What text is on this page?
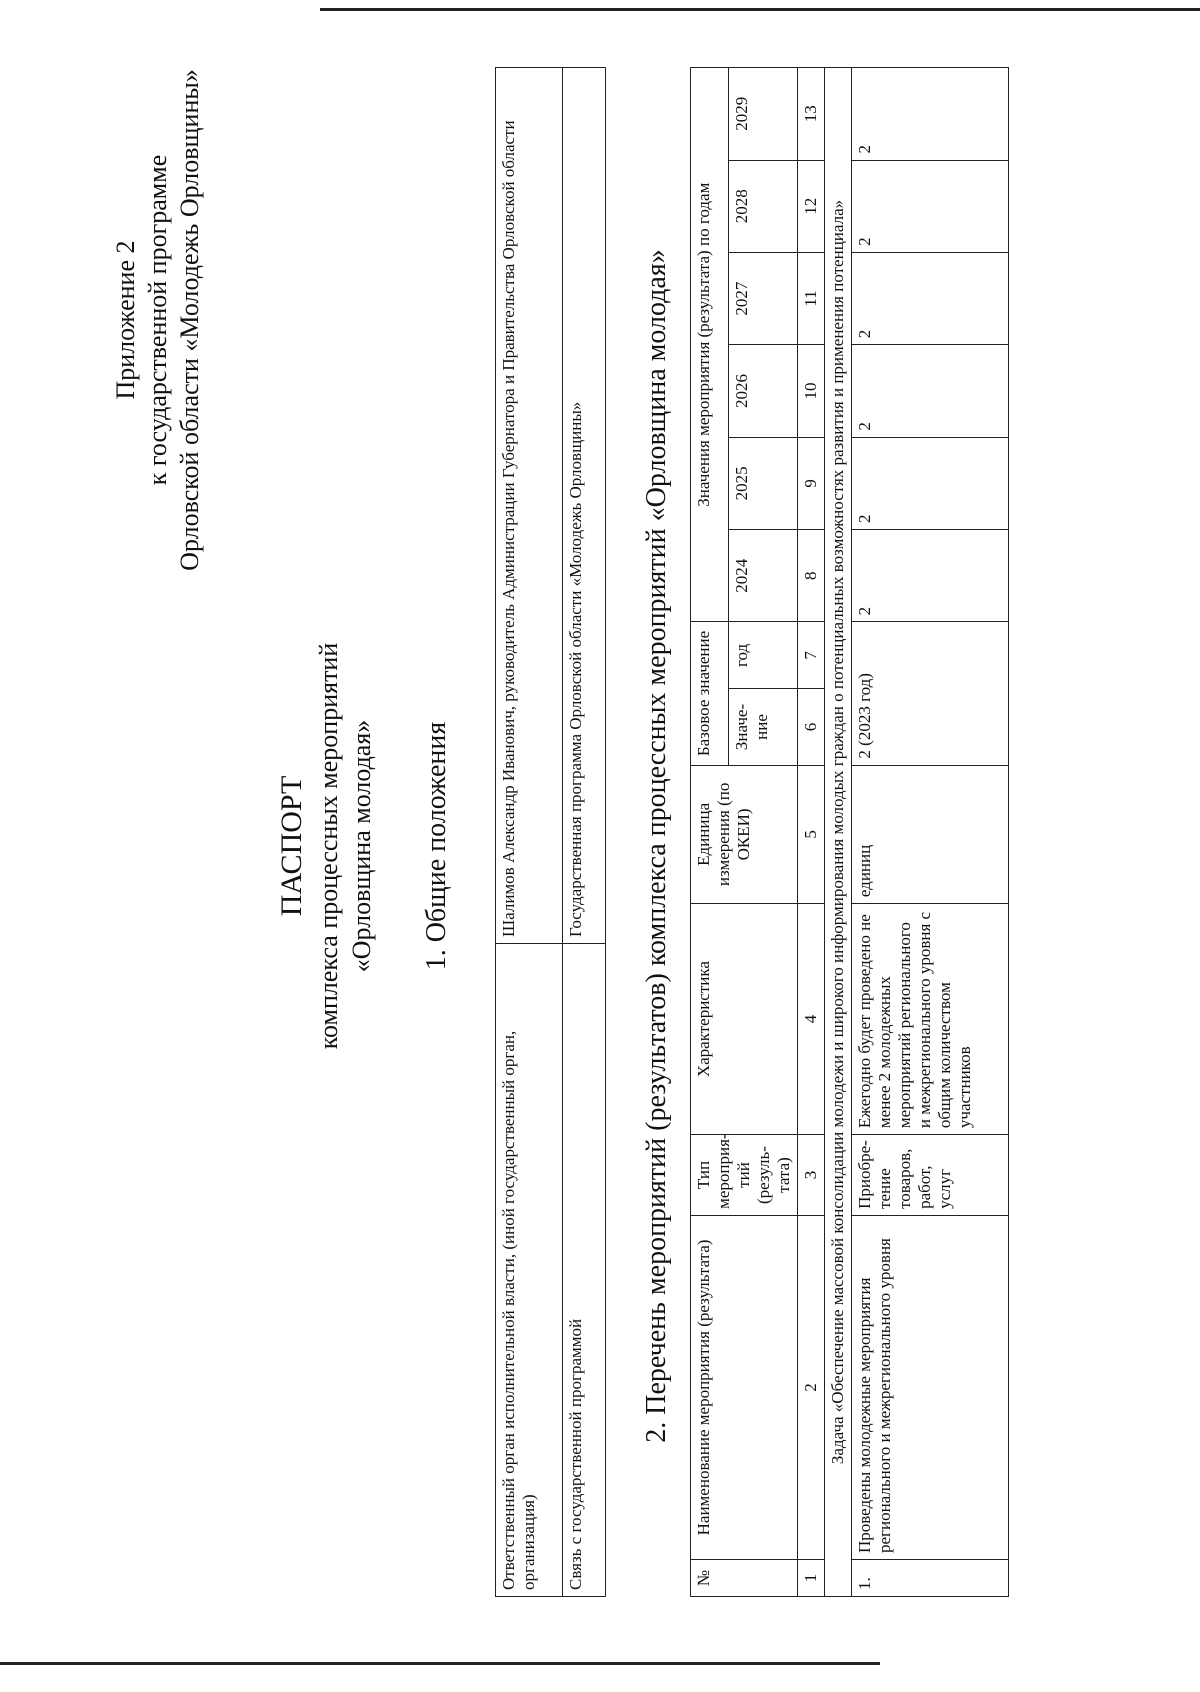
Приложение 2 к государственной программе Орловской области «Молодежь Орловщины»
ПАСПОРТ комплекса процессных мероприятий «Орловщина молодая» 1. Общие положения
Ответственный орган исполнительной власти, (иной государственный орган, организация)	Шалимов Александр Иванович, руководитель Администрации Губернатора и Правительства Орловской области
Связь с государственной программой	Государственная программа Орловской области «Молодежь Орловщины» 2. Перечень мероприятий (результатов) комплекса процессных мероприятий «Орловщина молодая»
№	Наименование мероприятия (результата)	Тип мероприя-тий (резуль-тата)	Характеристика	Единица измерения (по ОКЕИ)	Базовое значение		Значения мероприятия (результата) по годам					
					Значе-ние	год	2024	2025	2026	2027	2028	2029
1	2	3	4	5	6	7	8	9	10	11	12	13
Задача «Обеспечение массовой консолидации молодежи и широкого информирования молодых граждан о потенциальных возможностях развития и применения потенциала»												
1.	Проведены молодежные мероприятия регионального и межрегионального уровня	Приобре-тение товаров, работ, услуг	Ежегодно будет проведено не менее 2 молодежных мероприятий регионального и межрегионального уровня с общим количеством участников	единиц	2 (2023 год)		2	2	2	2	2	2
